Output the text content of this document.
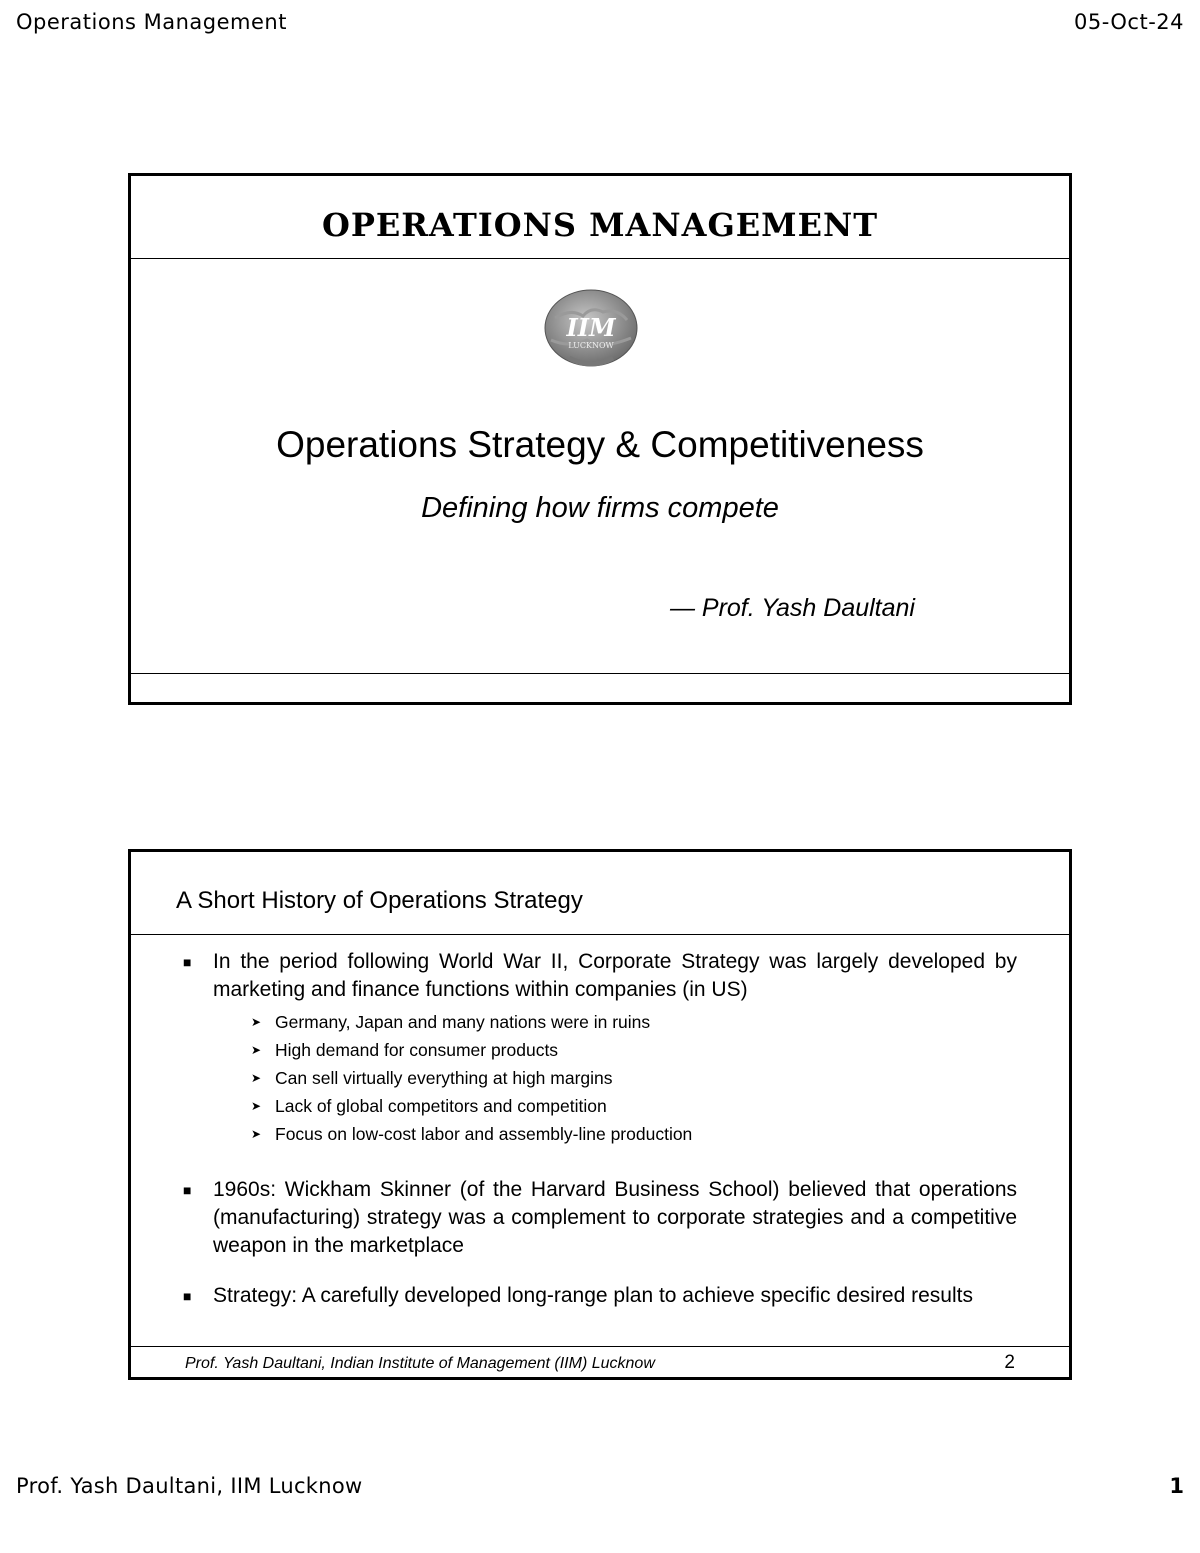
Operations Management	05-Oct-24
OPERATIONS MANAGEMENT
IIM
LUCKNOW
Operations Strategy & Competitiveness
Defining how firms compete
— Prof. Yash Daultani
A Short History of Operations Strategy
■ In the period following World War II, Corporate Strategy was largely developed by marketing and finance functions within companies (in US)
➤ Germany, Japan and many nations were in ruins
➤ High demand for consumer products
➤ Can sell virtually everything at high margins
➤ Lack of global competitors and competition
➤ Focus on low-cost labor and assembly-line production
■ 1960s: Wickham Skinner (of the Harvard Business School) believed that operations (manufacturing) strategy was a complement to corporate strategies and a competitive weapon in the marketplace
■ Strategy: A carefully developed long-range plan to achieve specific desired results
Prof. Yash Daultani, Indian Institute of Management (IIM) Lucknow	2
Prof. Yash Daultani, IIM Lucknow	1
